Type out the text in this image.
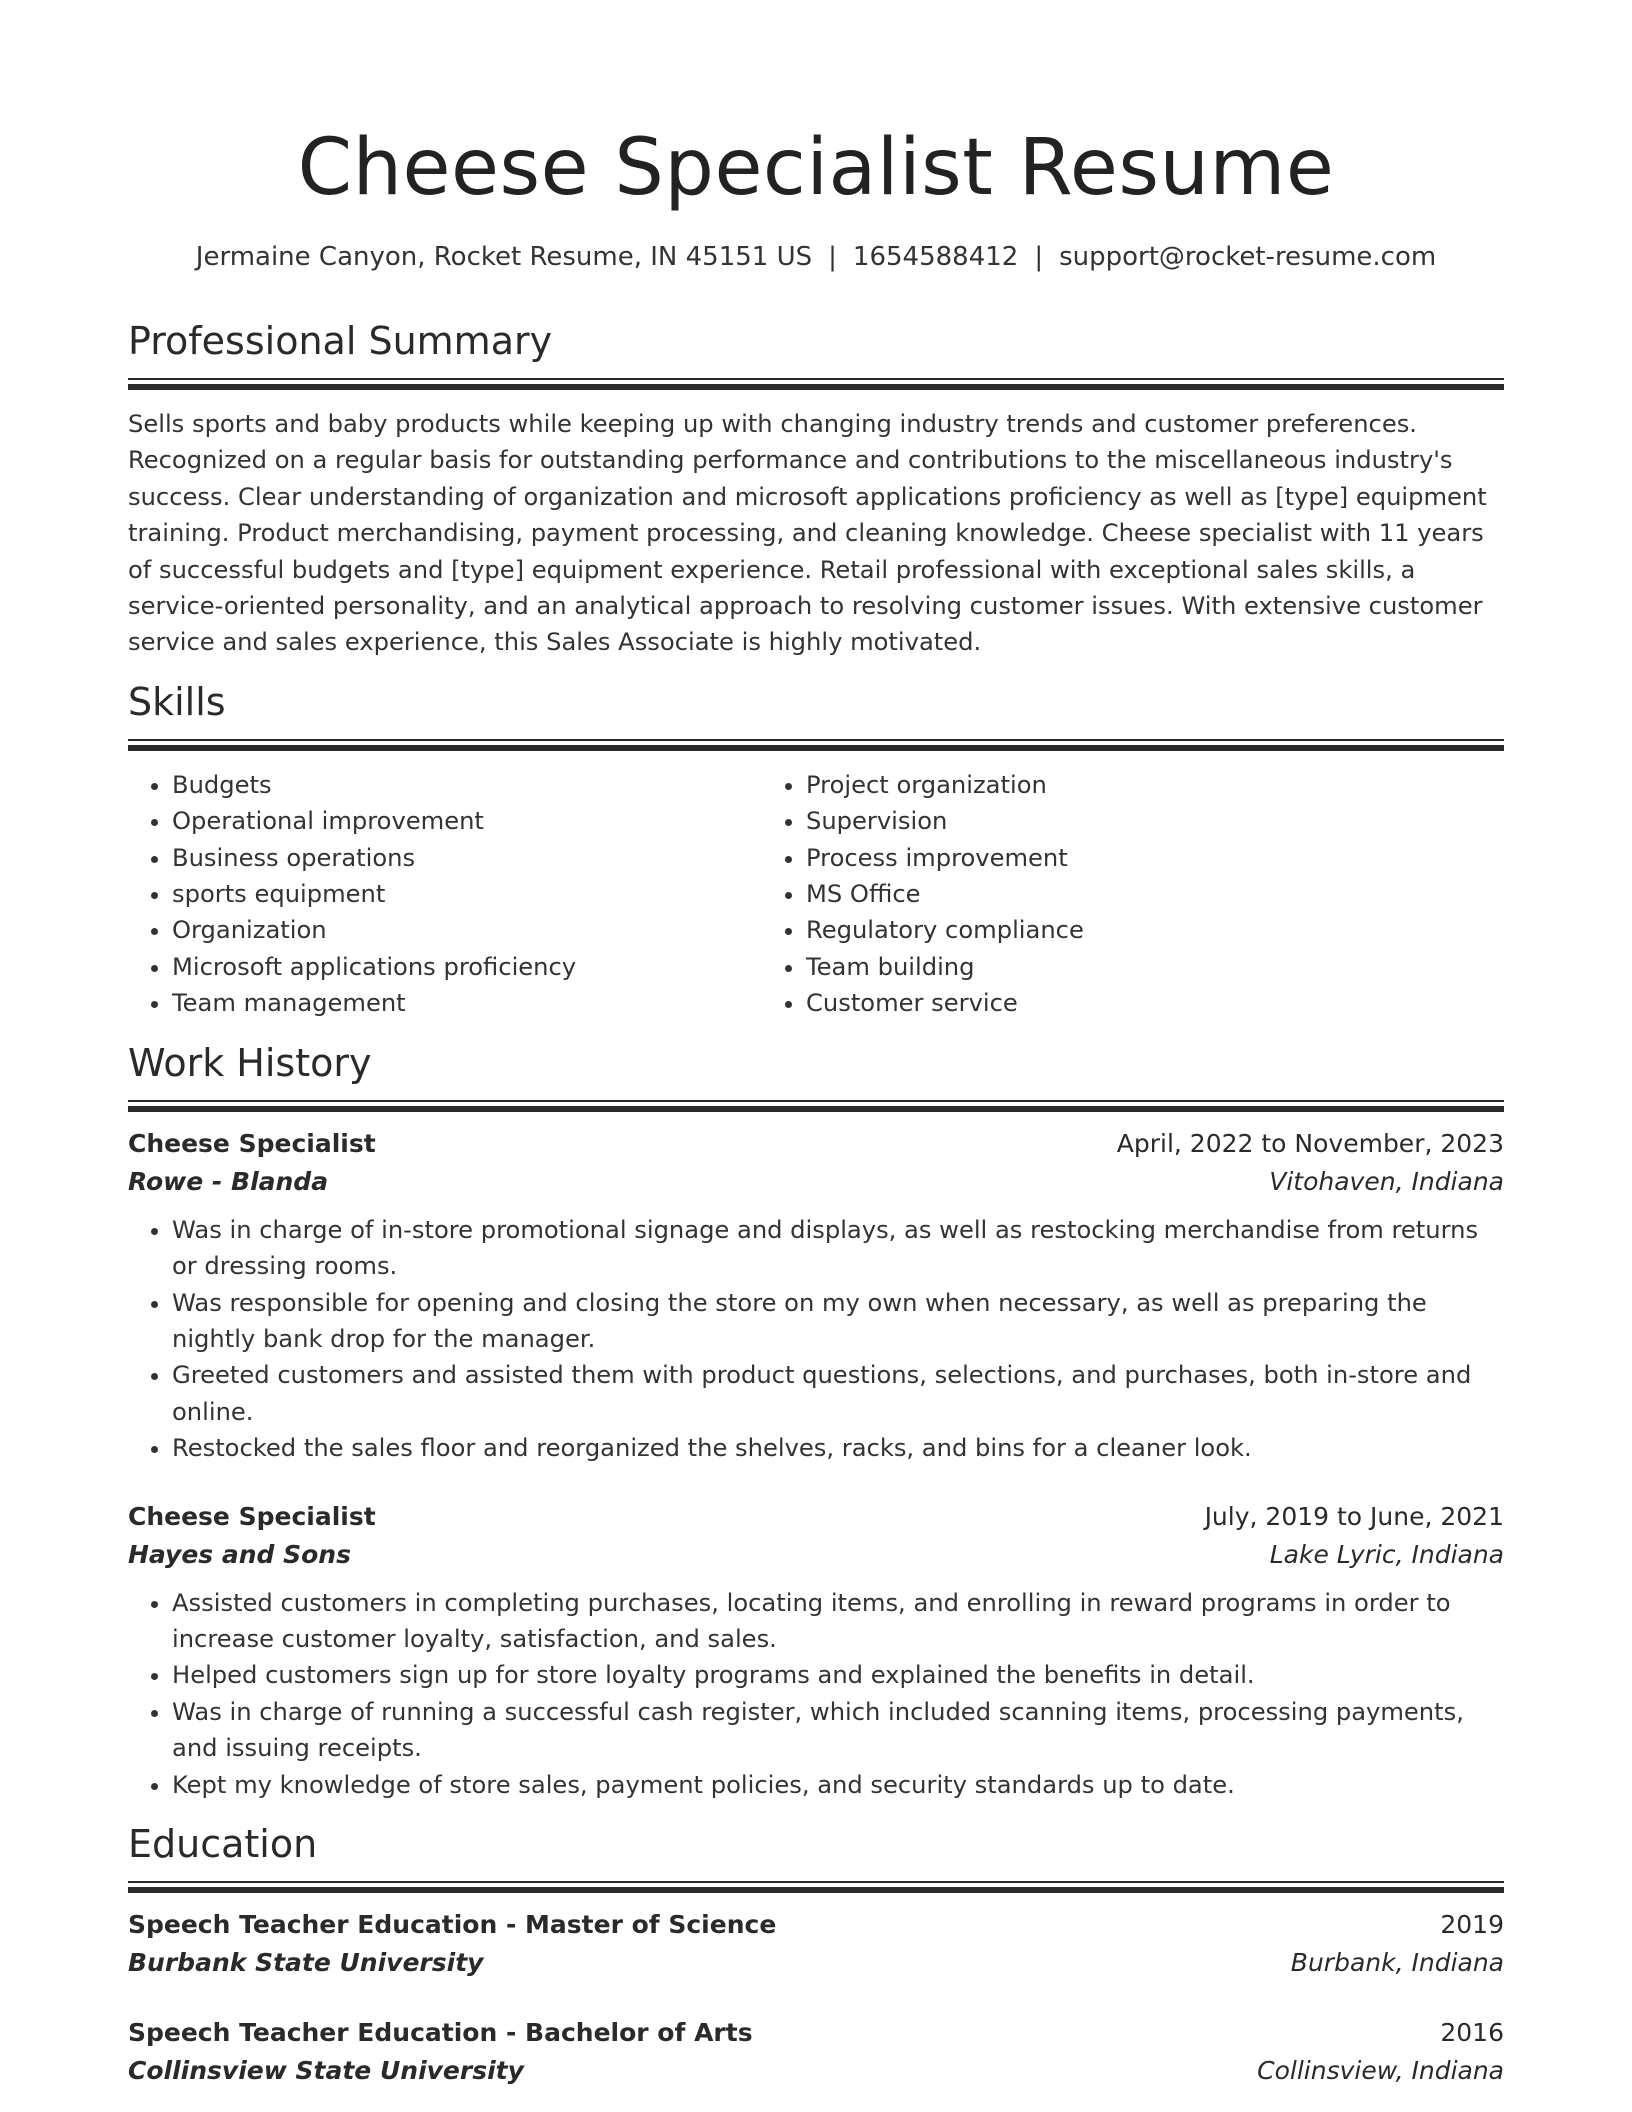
Cheese Specialist Resume
Jermaine Canyon, Rocket Resume, IN 45151 US | 1654588412 | support@rocket-resume.com
Professional Summary

Sells sports and baby products while keeping up with changing industry trends and customer preferences. Recognized on a regular basis for outstanding performance and contributions to the miscellaneous industry's success. Clear understanding of organization and microsoft applications proficiency as well as [type] equipment training. Product merchandising, payment processing, and cleaning knowledge. Cheese specialist with 11 years of successful budgets and [type] equipment experience. Retail professional with exceptional sales skills, a service-oriented personality, and an analytical approach to resolving customer issues. With extensive customer service and sales experience, this Sales Associate is highly motivated.

Skills
• Budgets
• Operational improvement
• Business operations
• sports equipment
• Organization
• Microsoft applications proficiency
• Team management
• Project organization
• Supervision
• Process improvement
• MS Office
• Regulatory compliance
• Team building
• Customer service
Work History
Cheese Specialist	April, 2022 to November, 2023
Rowe - Blanda	Vitohaven, Indiana
• Was in charge of in-store promotional signage and displays, as well as restocking merchandise from returns or dressing rooms.
• Was responsible for opening and closing the store on my own when necessary, as well as preparing the nightly bank drop for the manager.
• Greeted customers and assisted them with product questions, selections, and purchases, both in-store and online.
• Restocked the sales floor and reorganized the shelves, racks, and bins for a cleaner look.
Cheese Specialist	July, 2019 to June, 2021
Hayes and Sons	Lake Lyric, Indiana
• Assisted customers in completing purchases, locating items, and enrolling in reward programs in order to increase customer loyalty, satisfaction, and sales.
• Helped customers sign up for store loyalty programs and explained the benefits in detail.
• Was in charge of running a successful cash register, which included scanning items, processing payments, and issuing receipts.
• Kept my knowledge of store sales, payment policies, and security standards up to date.
Education
Speech Teacher Education - Master of Science	2019
Burbank State University	Burbank, Indiana
Speech Teacher Education - Bachelor of Arts	2016
Collinsview State University	Collinsview, Indiana
